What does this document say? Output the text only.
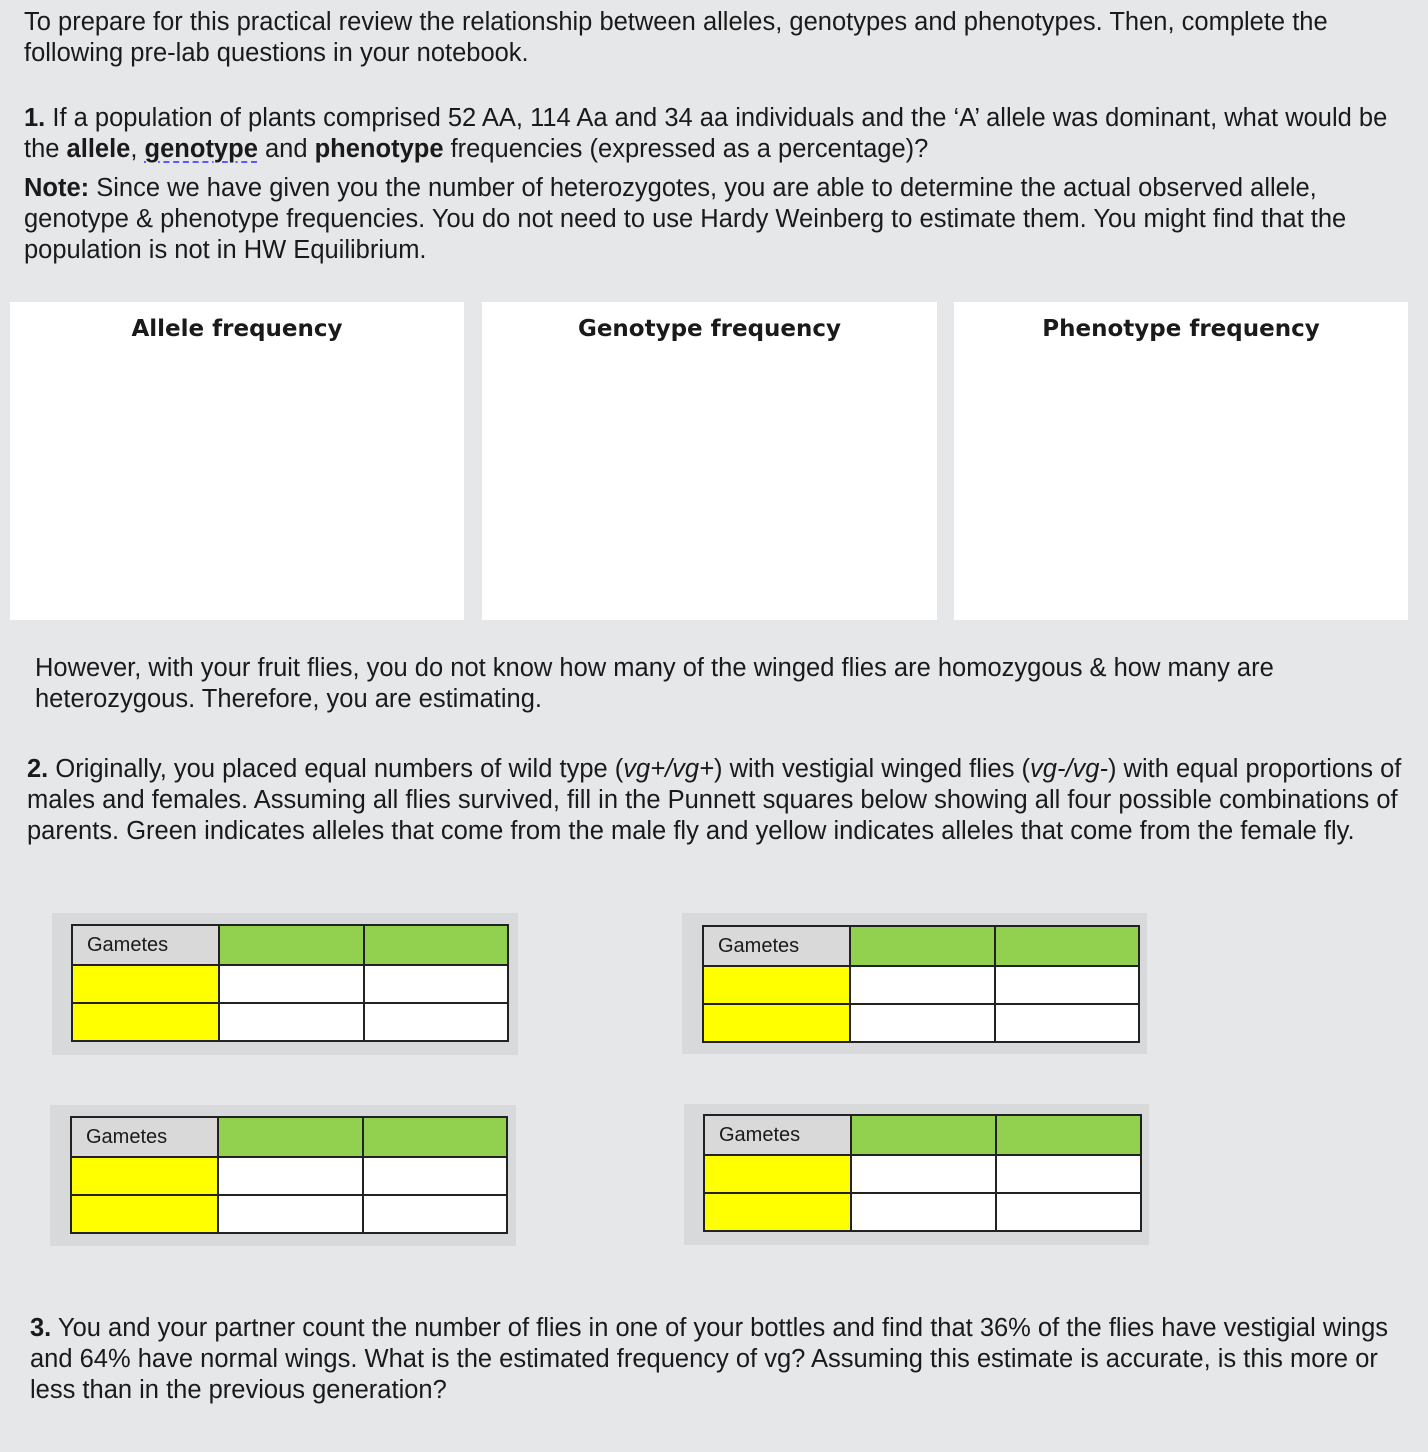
To prepare for this practical review the relationship between alleles, genotypes and phenotypes. Then, complete the following pre-lab questions in your notebook.

1. If a population of plants comprised 52 AA, 114 Aa and 34 aa individuals and the ‘A’ allele was dominant, what would be the allele, genotype and phenotype frequencies (expressed as a percentage)?

Note: Since we have given you the number of heterozygotes, you are able to determine the actual observed allele, genotype & phenotype frequencies. You do not need to use Hardy Weinberg to estimate them. You might find that the population is not in HW Equilibrium.

Allele frequency	Genotype frequency	Phenotype frequency

However, with your fruit flies, you do not know how many of the winged flies are homozygous & how many are heterozygous. Therefore, you are estimating.

2. Originally, you placed equal numbers of wild type (vg+/vg+) with vestigial winged flies (vg-/vg-) with equal proportions of males and females. Assuming all flies survived, fill in the Punnett squares below showing all four possible combinations of parents. Green indicates alleles that come from the male fly and yellow indicates alleles that come from the female fly.

Gametes		

			Gametes		

Gametes		

			Gametes		

3. You and your partner count the number of flies in one of your bottles and find that 36% of the flies have vestigial wings and 64% have normal wings. What is the estimated frequency of vg? Assuming this estimate is accurate, is this more or less than in the previous generation?
